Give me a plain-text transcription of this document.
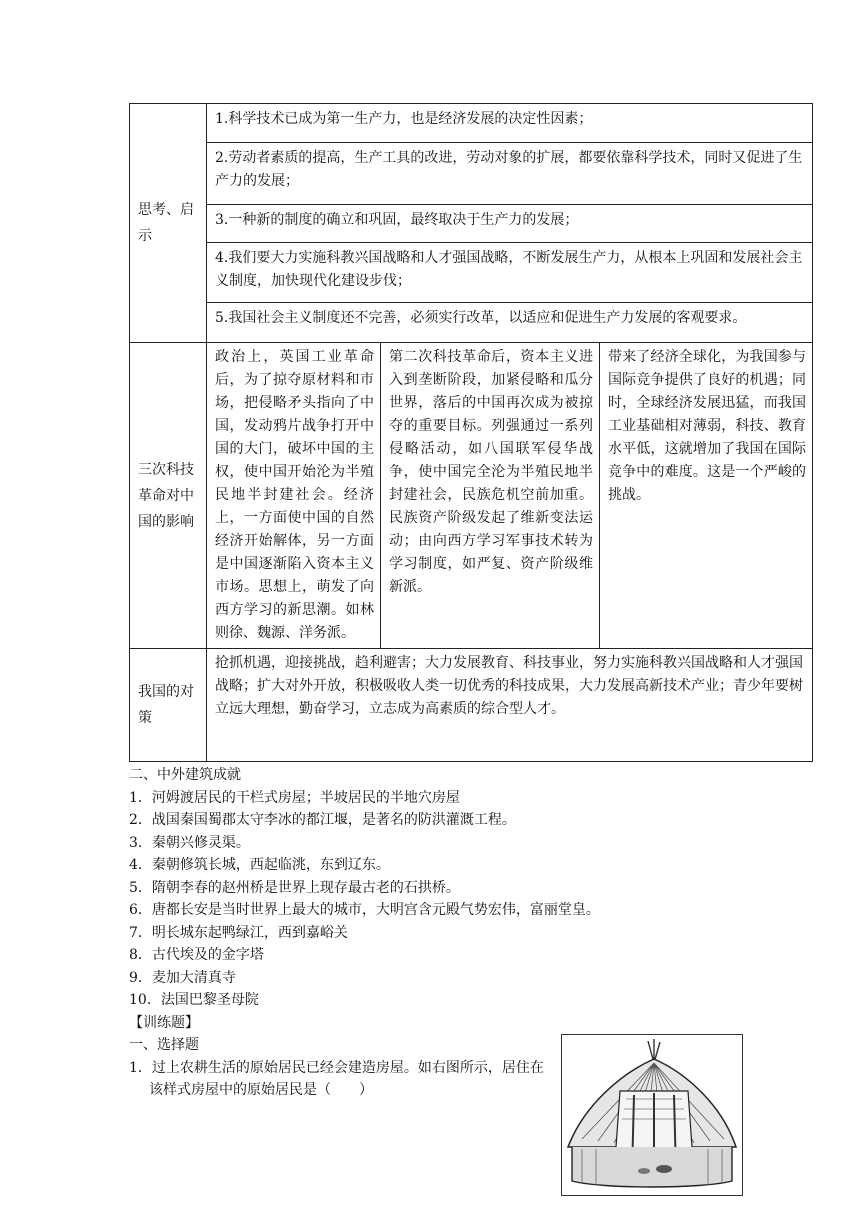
思考、启示	1.科学技术已成为第一生产力，也是经济发展的决定性因素；
2.劳动者素质的提高，生产工具的改进，劳动对象的扩展，都要依靠科学技术，同时又促进了生产力的发展；
3.一种新的制度的确立和巩固，最终取决于生产力的发展；
4.我们要大力实施科教兴国战略和人才强国战略，不断发展生产力，从根本上巩固和发展社会主义制度，加快现代化建设步伐；
5.我国社会主义制度还不完善，必须实行改革，以适应和促进生产力发展的客观要求。		

三次科技革命对中国的影响	政治上，英国工业革命后，为了掠夺原材料和市场，把侵略矛头指向了中国，发动鸦片战争打开中国的大门，破坏中国的主权，使中国开始沦为半殖民地半封建社会。经济上，一方面使中国的自然经济开始解体，另一方面是中国逐渐陷入资本主义市场。思想上，萌发了向西方学习的新思潮。如林则徐、魏源、洋务派。	第二次科技革命后，资本主义进入到垄断阶段，加紧侵略和瓜分世界，落后的中国再次成为被掠夺的重要目标。列强通过一系列侵略活动，如八国联军侵华战争，使中国完全沦为半殖民地半封建社会，民族危机空前加重。民族资产阶级发起了维新变法运动；由向西方学习军事技术转为学习制度，如严复、资产阶级维新派。	带来了经济全球化，为我国参与国际竞争提供了良好的机遇；同时，全球经济发展迅猛，而我国工业基础相对薄弱，科技、教育水平低，这就增加了我国在国际竞争中的难度。这是一个严峻的挑战。
我国的对策	抢抓机遇，迎接挑战，趋利避害；大力发展教育、科技事业，努力实施科教兴国战略和人才强国战略；扩大对外开放，积极吸收人类一切优秀的科技成果，大力发展高新技术产业；青少年要树立远大理想，勤奋学习，立志成为高素质的综合型人才。		

二、中外建筑成就

1．河姆渡居民的干栏式房屋；半坡居民的半地穴房屋

2．战国秦国蜀郡太守李冰的都江堰，是著名的防洪灌溉工程。

3．秦朝兴修灵渠。

4．秦朝修筑长城，西起临洮，东到辽东。

5．隋朝李春的赵州桥是世界上现存最古老的石拱桥。

6．唐都长安是当时世界上最大的城市，大明宫含元殿气势宏伟，富丽堂皇。

7．明长城东起鸭绿江，西到嘉峪关

8．古代埃及的金字塔

9．麦加大清真寺

10．法国巴黎圣母院

【训练题】

一、选择题

1．过上农耕生活的原始居民已经会建造房屋。如右图所示，居住在该样式房屋中的原始居民是（　　）
